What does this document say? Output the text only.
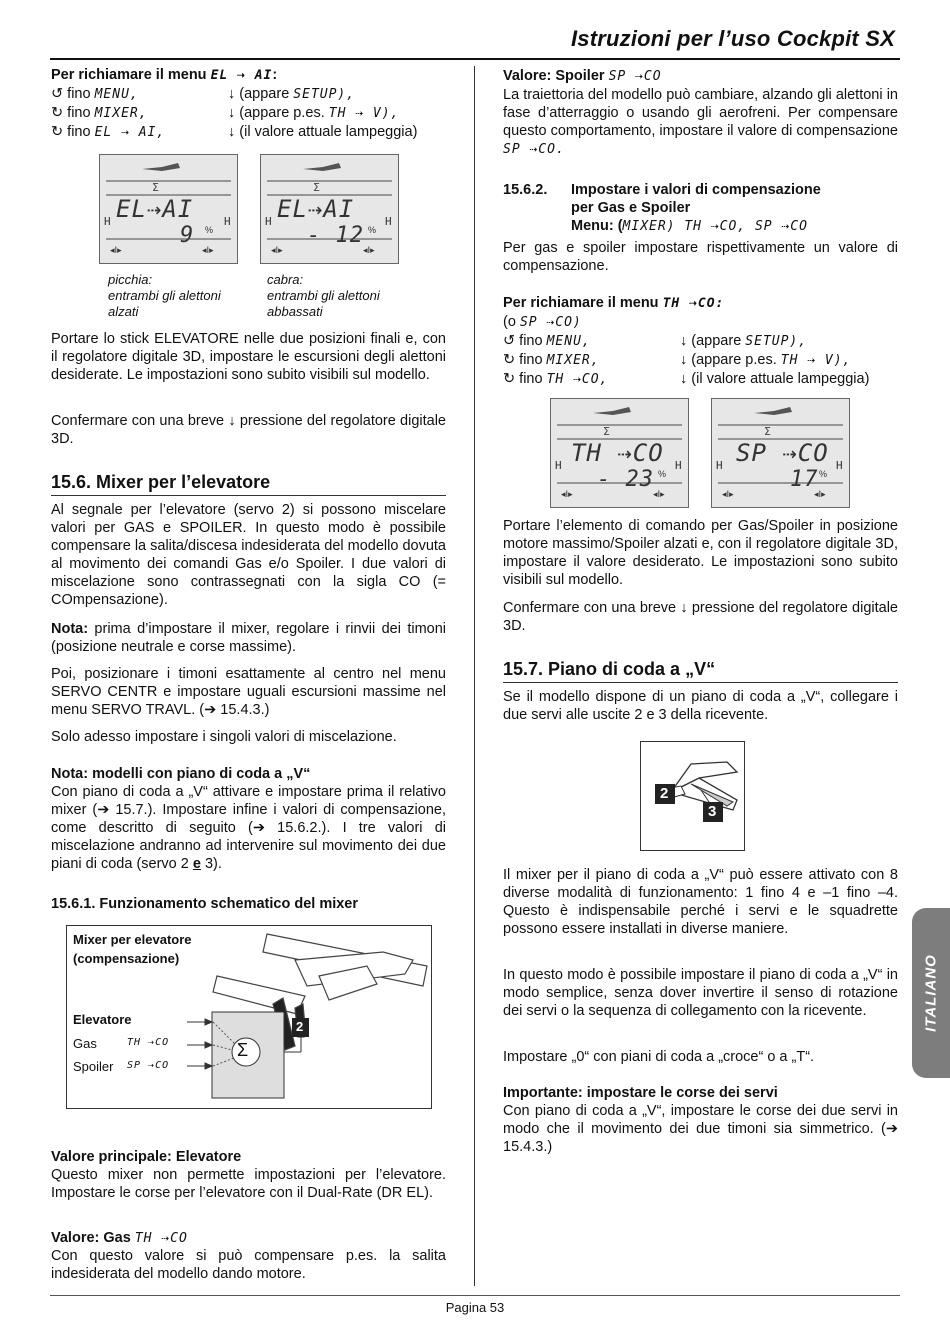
Istruzioni per l’uso Cockpit SX

Per richiamare il menu EL ⇢ AI:

↺ fino MENU,	↓ (appare SETUP),
↻ fino MIXER,	↓ (appare p.es. TH ⇢ V),
↻ fino EL ⇢ AI,	↓ (il valore attuale lampeggia)
Σ
Η	Η
◂I▸	◂I▸
EL⇢AI
9 %
Σ
Η	Η
◂I▸	◂I▸
EL⇢AI
- 12 %
picchia:
entrambi gli alettoni
alzati
cabra:
entrambi gli alettoni
abbassati
Portare lo stick ELEVATORE nelle due posizioni finali e, con il regolatore digitale 3D, impostare le escursioni degli alettoni desiderate. Le impostazioni sono subito visibili sul modello.
Confermare con una breve ↓ pressione del regolatore digitale 3D.
15.6. Mixer per l’elevatore
Al segnale per l’elevatore (servo 2) si possono miscelare valori per GAS e SPOILER. In questo modo è possibile compensare la salita/discesa indesiderata del modello dovuta al movimento dei comandi Gas e/o Spoiler. I due valori di miscelazione sono contrassegnati con la sigla CO (= COmpensazione).
Nota: prima d’impostare il mixer, regolare i rinvii dei timoni (posizione neutrale e corse massime).
Poi, posizionare i timoni esattamente al centro nel menu SERVO CENTR e impostare uguali escursioni massime nel menu SERVO TRAVL. (➔ 15.4.3.)
Solo adesso impostare i singoli valori di miscelazione.
Nota: modelli con piano di coda a „V“
Con piano di coda a „V“ attivare e impostare prima il relativo mixer (➔ 15.7.). Impostare infine i valori di compensazione, come descritto di seguito (➔ 15.6.2.). I tre valori di miscelazione andranno ad intervenire sul movimento dei due piani di coda (servo 2 e 3).
15.6.1. Funzionamento schematico del mixer
Mixer per elevatore
(compensazione)
Elevatore
Gas	TH ⇢CO
Spoiler SP ⇢CO
Σ
2
Valore principale: Elevatore
Questo mixer non permette impostazioni per l’elevatore. Impostare le corse per l’elevatore con il Dual-Rate (DR EL).
Valore: Gas TH ⇢CO
Con questo valore si può compensare p.es. la salita indesiderata del modello dando motore.
Valore: Spoiler SP ⇢CO
La traiettoria del modello può cambiare, alzando gli alettoni in fase d’atterraggio o usando gli aerofreni. Per compensare questo comportamento, impostare il valore di compensazione SP ⇢CO.
15.6.2.	Impostare i valori di compensazione
per Gas e Spoiler
Menu: (MIXER) TH ⇢CO, SP ⇢CO
Per gas e spoiler impostare rispettivamente un valore di compensazione.

Per richiamare il menu TH ⇢CO:

(o SP ⇢CO)

↺ fino MENU,	↓ (appare SETUP),
↻ fino MIXER,	↓ (appare p.es. TH ⇢ V),
↻ fino TH ⇢CO,	↓ (il valore attuale lampeggia)
Σ
Η	Η
◂I▸	◂I▸
TH ⇢CO
- 23 %
Σ
Η	Η
◂I▸	◂I▸
SP ⇢CO
17 %
Portare l’elemento di comando per Gas/Spoiler in posizione motore massimo/Spoiler alzati e, con il regolatore digitale 3D, impostare il valore desiderato. Le impostazioni sono subito visibili sul modello.
Confermare con una breve ↓ pressione del regolatore digitale 3D.
15.7. Piano di coda a „V“
Se il modello dispone di un piano di coda a „V“, collegare i due servi alle uscite 2 e 3 della ricevente.
2
3
Il mixer per il piano di coda a „V“ può essere attivato con 8 diverse modalità di funzionamento: 1 fino 4 e –1 fino –4. Questo è indispensabile perché i servi e le squadrette possono essere installati in diverse maniere.
In questo modo è possibile impostare il piano di coda a „V“ in modo semplice, senza dover invertire il senso di rotazione dei servi o la sequenza di collegamento con la ricevente.
Impostare „0“ con piani di coda a „croce“ o a „T“.
Importante: impostare le corse dei servi
Con piano di coda a „V“, impostare le corse dei due servi in modo che il movimento dei due timoni sia simmetrico. (➔ 15.4.3.)
ITALIANO
Pagina 53
